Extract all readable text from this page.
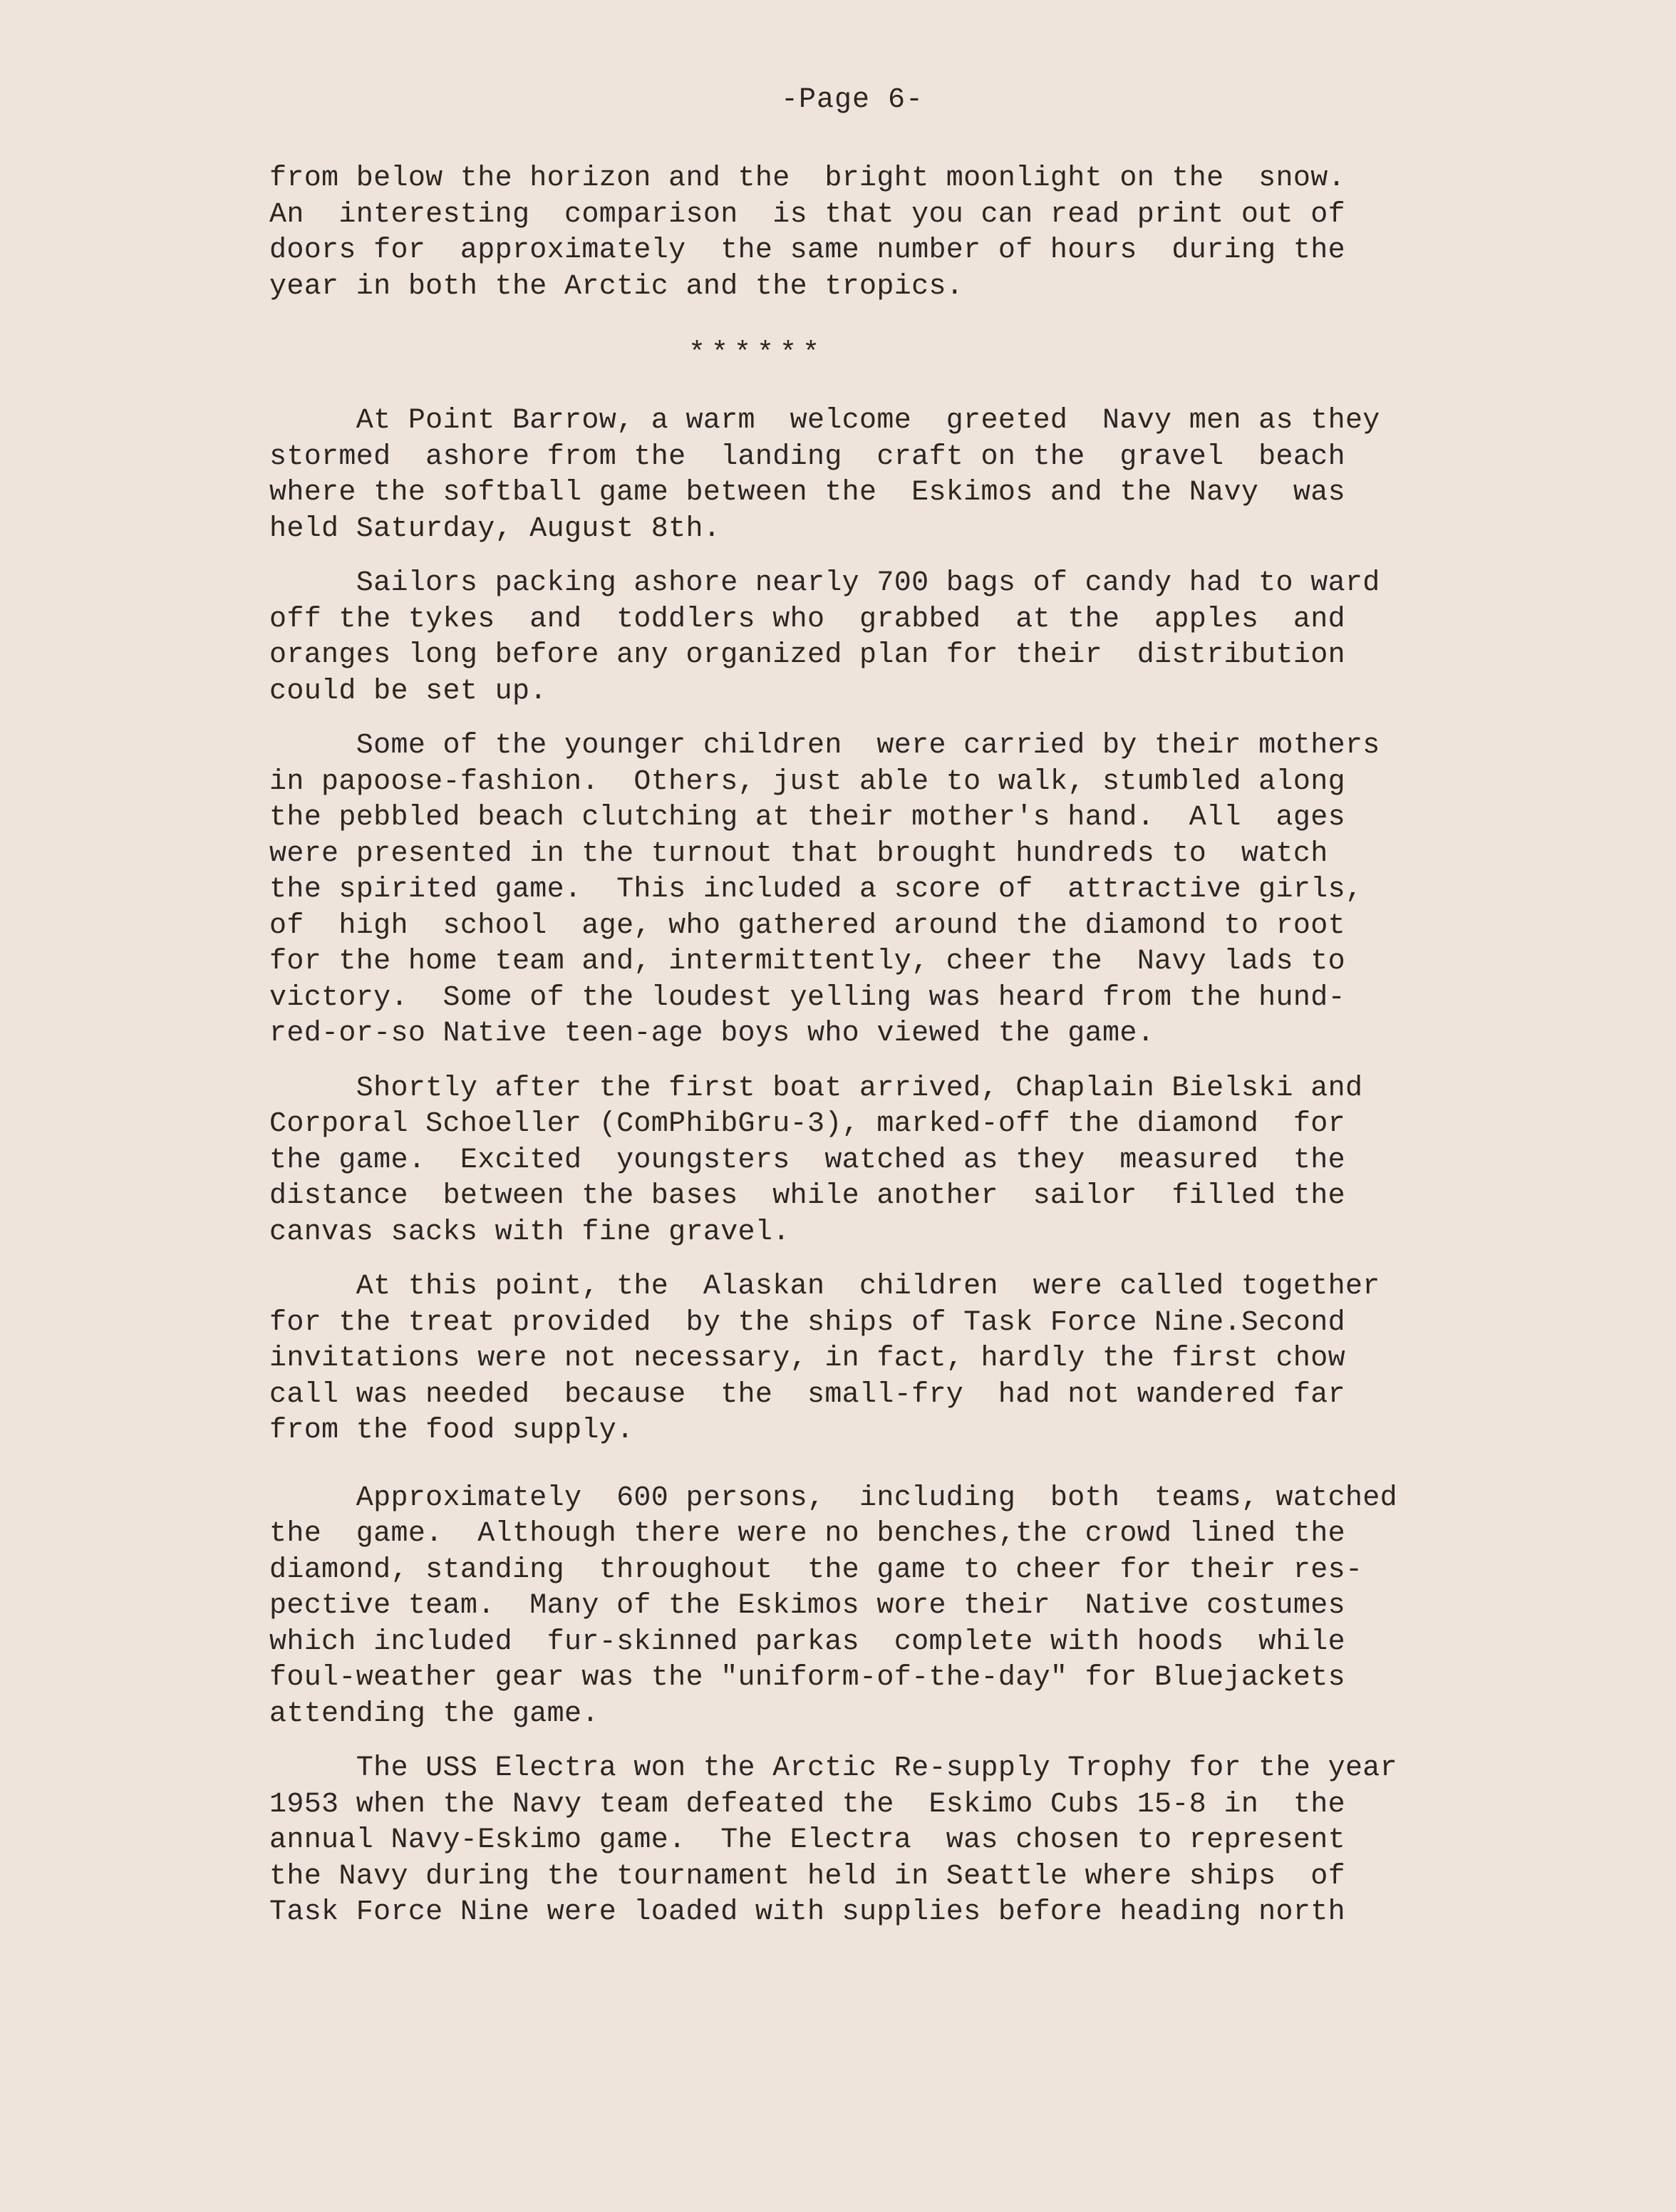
-Page 6-

from below the horizon and the  bright moonlight on the  snow.
An  interesting  comparison  is that you can read print out of
doors for  approximately  the same number of hours  during the
year in both the Arctic and the tropics.

******

At Point Barrow, a warm  welcome  greeted  Navy men as they
stormed  ashore from the  landing  craft on the  gravel  beach
where the softball game between the  Eskimos and the Navy  was
held Saturday, August 8th.

Sailors packing ashore nearly 700 bags of candy had to ward
off the tykes  and  toddlers who  grabbed  at the  apples  and
oranges long before any organized plan for their  distribution
could be set up.

Some of the younger children  were carried by their mothers
in papoose-fashion.  Others, just able to walk, stumbled along
the pebbled beach clutching at their mother's hand.  All  ages
were presented in the turnout that brought hundreds to  watch
the spirited game.  This included a score of  attractive girls,
of  high  school  age, who gathered around the diamond to root
for the home team and, intermittently, cheer the  Navy lads to
victory.  Some of the loudest yelling was heard from the hund-
red-or-so Native teen-age boys who viewed the game.

Shortly after the first boat arrived, Chaplain Bielski and
Corporal Schoeller (ComPhibGru-3), marked-off the diamond  for
the game.  Excited  youngsters  watched as they  measured  the
distance  between the bases  while another  sailor  filled the
canvas sacks with fine gravel.

At this point, the  Alaskan  children  were called together
for the treat provided  by the ships of Task Force Nine.Second
invitations were not necessary, in fact, hardly the first chow
call was needed  because  the  small-fry  had not wandered far
from the food supply.

Approximately  600 persons,  including  both  teams, watched
the  game.  Although there were no benches,the crowd lined the
diamond, standing  throughout  the game to cheer for their res-
pective team.  Many of the Eskimos wore their  Native costumes
which included  fur-skinned parkas  complete with hoods  while
foul-weather gear was the "uniform-of-the-day" for Bluejackets
attending the game.

The USS Electra won the Arctic Re-supply Trophy for the year
1953 when the Navy team defeated the  Eskimo Cubs 15-8 in  the
annual Navy-Eskimo game.  The Electra  was chosen to represent
the Navy during the tournament held in Seattle where ships  of
Task Force Nine were loaded with supplies before heading north
